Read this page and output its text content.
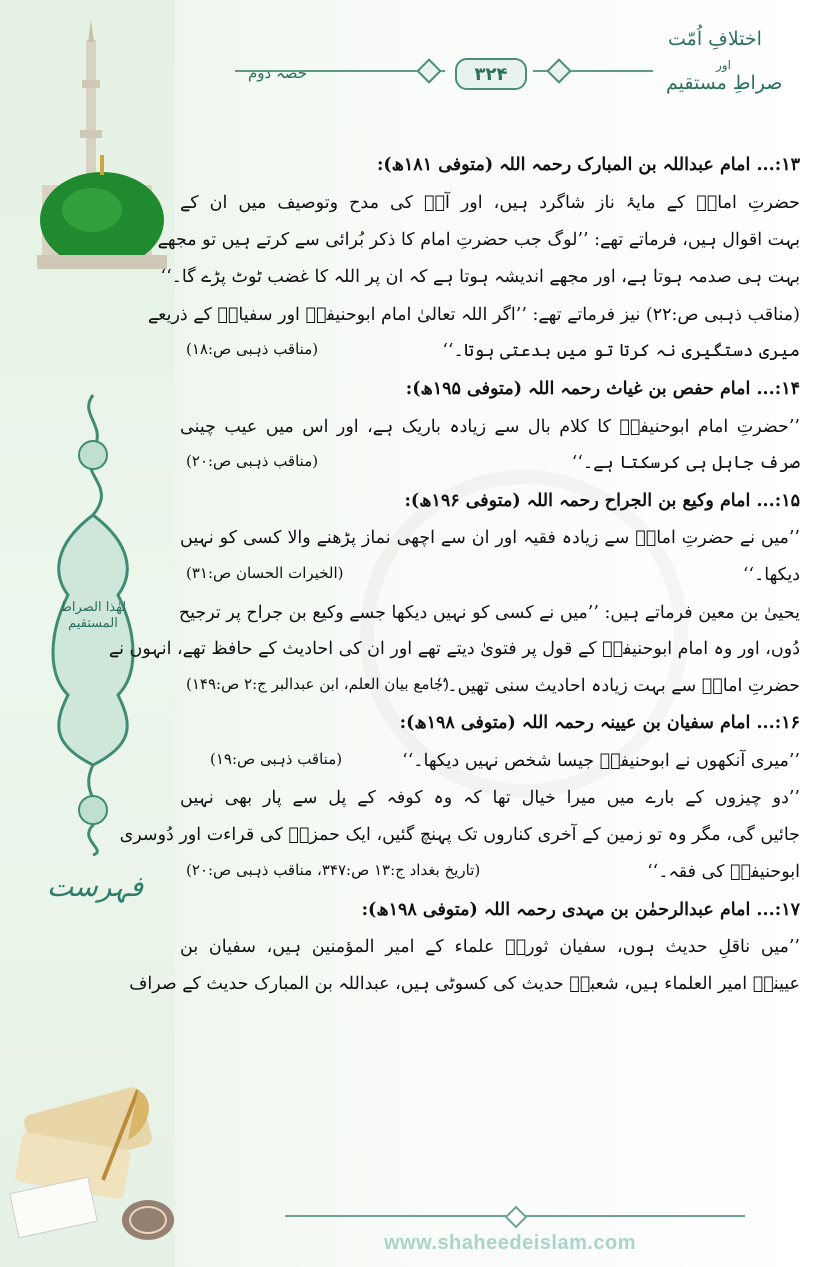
لهٰذا الصراط المستقیم
فہرست
حصہ دوم	۳۲۴
اختلافِ اُمّت
اور
صراطِ مستقیم
۱۳:... امام عبداللہ بن المبارک رحمہ اللہ (متوفی ۱۸۱ھ):
حضرتِ امامؒ کے مایۂ ناز شاگرد ہیں، اور آپؒ کی مدح وتوصیف میں ان کے
بہت اقوال ہیں، فرماتے تھے: ’’لوگ جب حضرتِ امام کا ذکر بُرائی سے کرتے ہیں تو مجھے
بہت ہی صدمہ ہوتا ہے، اور مجھے اندیشہ ہوتا ہے کہ ان پر اللہ کا غضب ٹوٹ پڑے گا۔‘‘
(مناقب ذہبی ص:۲۲) نیز فرماتے تھے: ’’اگر اللہ تعالیٰ امام ابوحنیفہؒ اور سفیانؒ کے ذریعے
میری دستگیری نہ کرتا تو میں بدعتی ہوتا۔‘‘
(مناقب ذہبی ص:۱۸)
۱۴:... امام حفص بن غیاث رحمہ اللہ (متوفی ۱۹۵ھ):
’’حضرتِ امام ابوحنیفہؒ کا کلام بال سے زیادہ باریک ہے، اور اس میں عیب چینی
صرف جاہل ہی کرسکتا ہے۔‘‘
(مناقب ذہبی ص:۲۰)
۱۵:... امام وکیع بن الجراح رحمہ اللہ (متوفی ۱۹۶ھ):
’’میں نے حضرتِ امامؒ سے زیادہ فقیہ اور ان سے اچھی نماز پڑھنے والا کسی کو نہیں
دیکھا۔‘‘
(الخیرات الحسان ص:۳۱)
یحییٰ بن معین فرماتے ہیں: ’’میں نے کسی کو نہیں دیکھا جسے وکیع بن جراح پر ترجیح
دُوں، اور وہ امام ابوحنیفہؒ کے قول پر فتویٰ دیتے تھے اور ان کی احادیث کے حافظ تھے، انہوں نے
حضرتِ امامؒ سے بہت زیادہ احادیث سنی تھیں۔‘‘
(جامع بیان العلم، ابن عبدالبر ج:۲ ص:۱۴۹)
۱۶:... امام سفیان بن عیینہ رحمہ اللہ (متوفی ۱۹۸ھ):
’’میری آنکھوں نے ابوحنیفہؒ جیسا شخص نہیں دیکھا۔‘‘
(مناقب ذہبی ص:۱۹)
’’دو چیزوں کے بارے میں میرا خیال تھا کہ وہ کوفہ کے پل سے پار بھی نہیں
جائیں گی، مگر وہ تو زمین کے آخری کناروں تک پہنچ گئیں، ایک حمزہؒ کی قراءت اور دُوسری
ابوحنیفہؒ کی فقہ۔‘‘
(تاریخ بغداد ج:۱۳ ص:۳۴۷، مناقب ذہبی ص:۲۰)
۱۷:... امام عبدالرحمٰن بن مہدی رحمہ اللہ (متوفی ۱۹۸ھ):
’’میں ناقلِ حدیث ہوں، سفیان ثوریؒ علماء کے امیر المؤمنین ہیں، سفیان بن
عیینہؒ امیر العلماء ہیں، شعبہؒ حدیث کی کسوٹی ہیں، عبداللہ بن المبارک حدیث کے صراف
www.shaheedeislam.com
